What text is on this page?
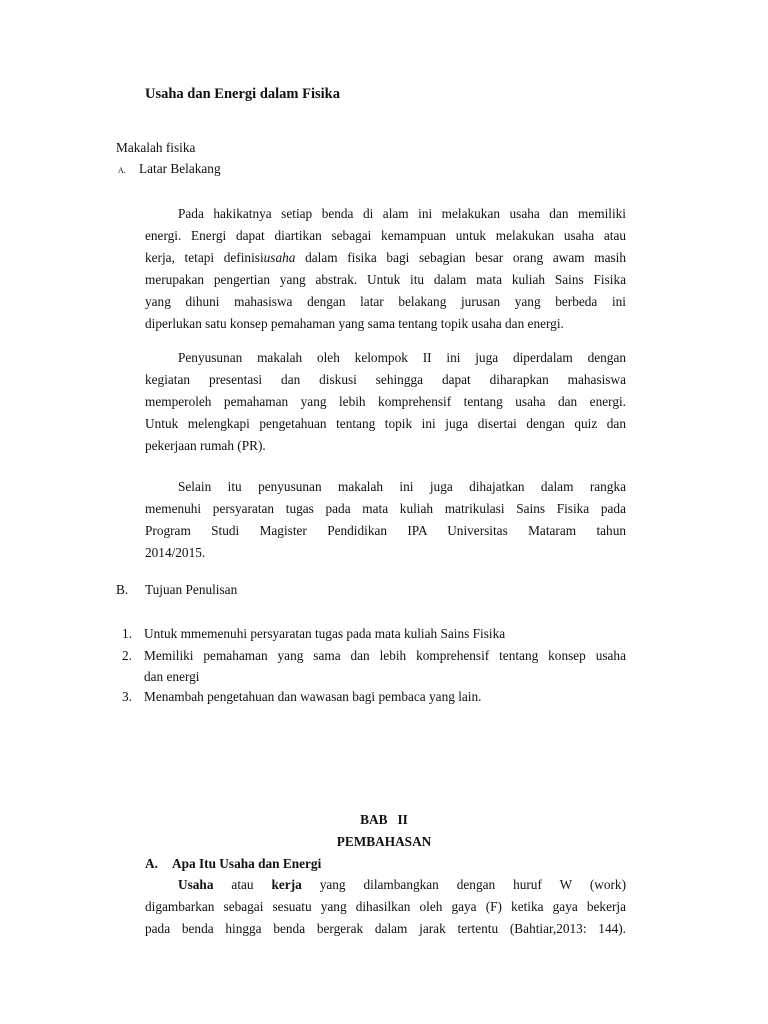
Usaha dan Energi dalam Fisika
Makalah fisika
A. Latar Belakang
Pada hakikatnya setiap benda di alam ini melakukan usaha dan memiliki
energi. Energi dapat diartikan sebagai kemampuan untuk melakukan usaha atau
kerja, tetapi definisiusaha dalam fisika bagi sebagian besar orang awam masih
merupakan pengertian yang abstrak. Untuk itu dalam mata kuliah Sains Fisika
yang dihuni mahasiswa dengan latar belakang jurusan yang berbeda ini
diperlukan satu konsep pemahaman yang sama tentang topik usaha dan energi.
Penyusunan makalah oleh kelompok II ini juga diperdalam dengan
kegiatan presentasi dan diskusi sehingga dapat diharapkan mahasiswa
memperoleh pemahaman yang lebih komprehensif tentang usaha dan energi.
Untuk melengkapi pengetahuan tentang topik ini juga disertai dengan quiz dan
pekerjaan rumah (PR).
Selain itu penyusunan makalah ini juga dihajatkan dalam rangka
memenuhi persyaratan tugas pada mata kuliah matrikulasi Sains Fisika pada
Program Studi Magister Pendidikan IPA Universitas Mataram tahun
2014/2015.
B. Tujuan Penulisan
1. Untuk mmemenuhi persyaratan tugas pada mata kuliah Sains Fisika
2. Memiliki pemahaman yang sama dan lebih komprehensif tentang konsep usaha
dan energi
3. Menambah pengetahuan dan wawasan bagi pembaca yang lain.
BAB   II
PEMBAHASAN
A. Apa Itu Usaha dan Energi
Usaha atau kerja yang dilambangkan dengan huruf W (work)
digambarkan sebagai sesuatu yang dihasilkan oleh gaya (F) ketika gaya bekerja
pada benda hingga benda bergerak dalam jarak tertentu (Bahtiar,2013: 144).
